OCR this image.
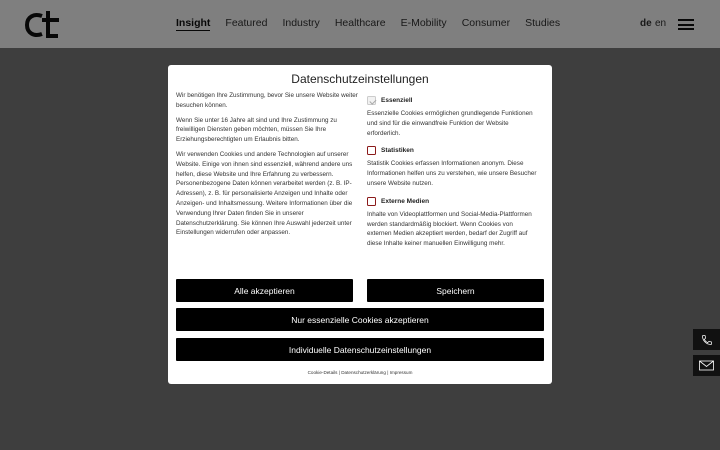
Datenschutzeinstellungen

Wir benötigen Ihre Zustimmung, bevor Sie unsere Website weiter besuchen können.

Wenn Sie unter 16 Jahre alt sind und Ihre Zustimmung zu freiwilligen Diensten geben möchten, müssen Sie Ihre Erziehungsberechtigten um Erlaubnis bitten.

Wir verwenden Cookies und andere Technologien auf unserer Website. Einige von ihnen sind essenziell, während andere uns helfen, diese Website und Ihre Erfahrung zu verbessern. Personenbezogene Daten können verarbeitet werden (z. B. IP-Adressen), z. B. für personalisierte Anzeigen und Inhalte oder Anzeigen- und Inhaltsmessung. Weitere Informationen über die Verwendung Ihrer Daten finden Sie in unserer Datenschutzerklärung. Sie können Ihre Auswahl jederzeit unter Einstellungen widerrufen oder anpassen.

Essenziell
Essenzielle Cookies ermöglichen grundlegende Funktionen und sind für die einwandfreie Funktion der Website erforderlich.
Statistiken
Statistik Cookies erfassen Informationen anonym. Diese Informationen helfen uns zu verstehen, wie unsere Besucher unsere Website nutzen.
Externe Medien
Inhalte von Videoplattformen und Social-Media-Plattformen werden standardmäßig blockiert. Wenn Cookies von externen Medien akzeptiert werden, bedarf der Zugriff auf diese Inhalte keiner manuellen Einwilligung mehr.
Alle akzeptieren	Speichern
Nur essenzielle Cookies akzeptieren
Individuelle Datenschutzeinstellungen
Cookie-Details | Datenschutzerklärung | Impressum
